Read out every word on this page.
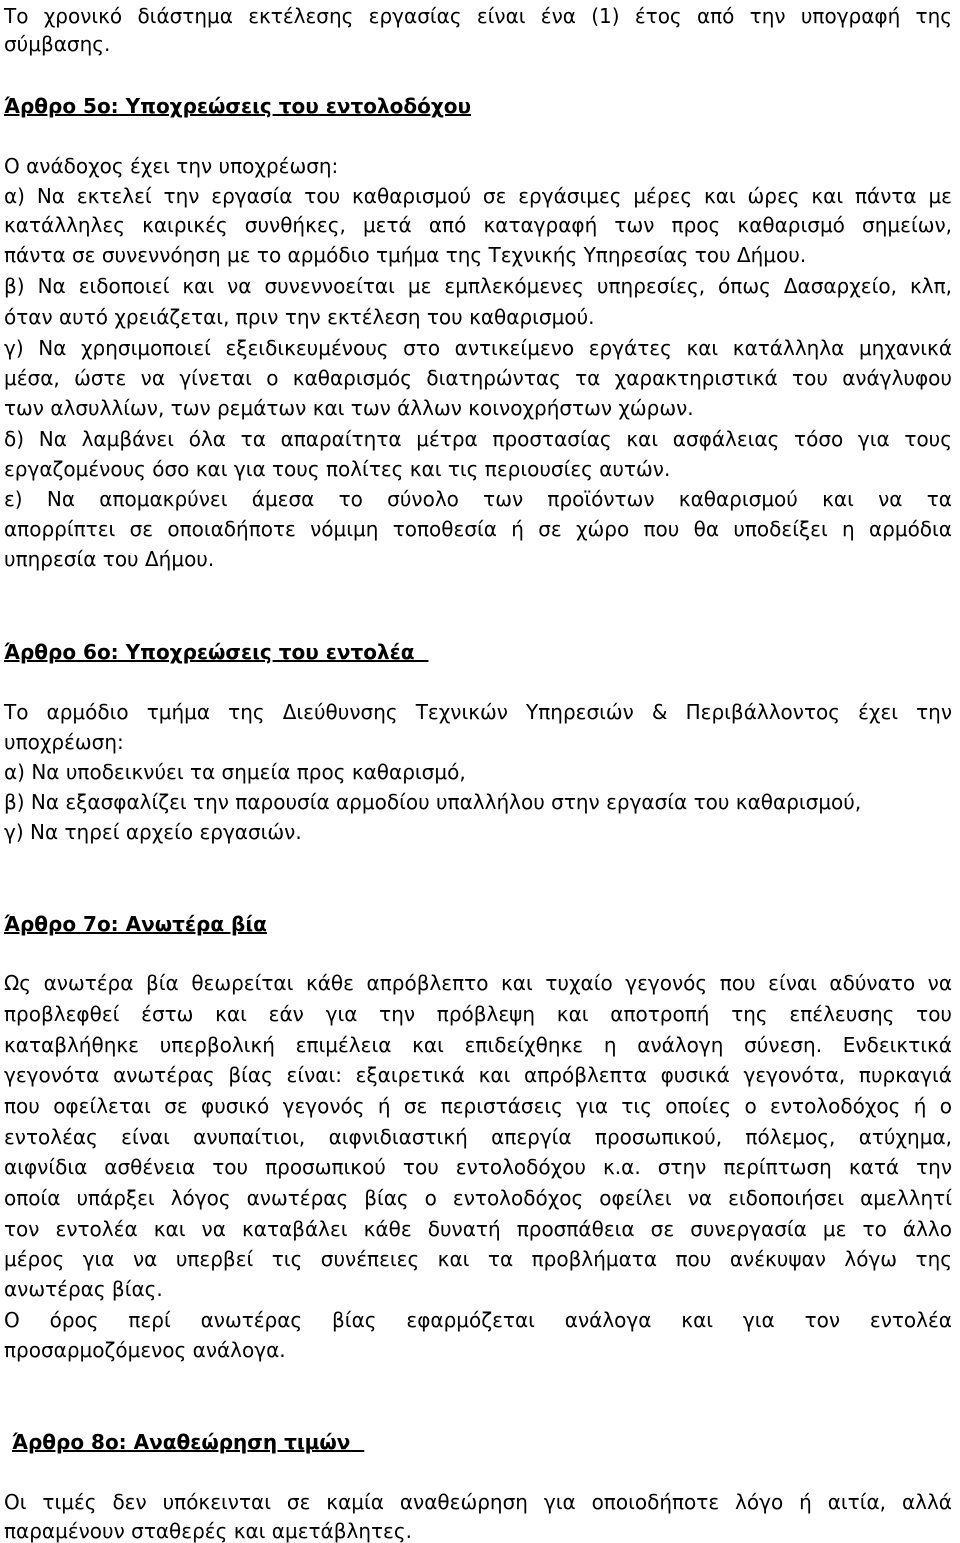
Το χρονικό διάστημα εκτέλεσης εργασίας είναι ένα (1) έτος από την υπογραφή της
σύμβασης.
Άρθρο 5ο: Υποχρεώσεις του εντολοδόχου
Ο ανάδοχος έχει την υποχρέωση:
α) Να εκτελεί την εργασία του καθαρισμού σε εργάσιμες μέρες και ώρες και πάντα με
κατάλληλες καιρικές συνθήκες, μετά από καταγραφή των προς καθαρισμό σημείων,
πάντα σε συνεννόηση με το αρμόδιο τμήμα της Τεχνικής Υπηρεσίας του Δήμου.
β) Να ειδοποιεί και να συνεννοείται με εμπλεκόμενες υπηρεσίες, όπως Δασαρχείο, κλπ,
όταν αυτό χρειάζεται, πριν την εκτέλεση του καθαρισμού.
γ) Να χρησιμοποιεί εξειδικευμένους στο αντικείμενο εργάτες και κατάλληλα μηχανικά
μέσα, ώστε να γίνεται ο καθαρισμός διατηρώντας τα χαρακτηριστικά του ανάγλυφου
των αλσυλλίων, των ρεμάτων και των άλλων κοινοχρήστων χώρων.
δ) Να λαμβάνει όλα τα απαραίτητα μέτρα προστασίας και ασφάλειας τόσο για τους
εργαζομένους όσο και για τους πολίτες και τις περιουσίες αυτών.
ε) Να απομακρύνει άμεσα το σύνολο των προϊόντων καθαρισμού και να τα
απορρίπτει σε οποιαδήποτε νόμιμη τοποθεσία ή σε χώρο που θα υποδείξει η αρμόδια
υπηρεσία του Δήμου.
Άρθρο 6ο: Υποχρεώσεις του εντολέα
Το αρμόδιο τμήμα της Διεύθυνσης Τεχνικών Υπηρεσιών & Περιβάλλοντος έχει την
υποχρέωση:
α) Να υποδεικνύει τα σημεία προς καθαρισμό,
β) Να εξασφαλίζει την παρουσία αρμοδίου υπαλλήλου στην εργασία του καθαρισμού,
γ) Να τηρεί αρχείο εργασιών.
Άρθρο 7ο: Ανωτέρα βία
Ως ανωτέρα βία θεωρείται κάθε απρόβλεπτο και τυχαίο γεγονός που είναι αδύνατο να
προβλεφθεί έστω και εάν για την πρόβλεψη και αποτροπή της επέλευσης του
καταβλήθηκε υπερβολική επιμέλεια και επιδείχθηκε η ανάλογη σύνεση. Ενδεικτικά
γεγονότα ανωτέρας βίας είναι: εξαιρετικά και απρόβλεπτα φυσικά γεγονότα, πυρκαγιά
που οφείλεται σε φυσικό γεγονός ή σε περιστάσεις για τις οποίες ο εντολοδόχος ή ο
εντολέας είναι ανυπαίτιοι, αιφνιδιαστική απεργία προσωπικού, πόλεμος, ατύχημα,
αιφνίδια ασθένεια του προσωπικού του εντολοδόχου κ.α. στην περίπτωση κατά την
οποία υπάρξει λόγος ανωτέρας βίας ο εντολοδόχος οφείλει να ειδοποιήσει αμελλητί
τον εντολέα και να καταβάλει κάθε δυνατή προσπάθεια σε συνεργασία με το άλλο
μέρος για να υπερβεί τις συνέπειες και τα προβλήματα που ανέκυψαν λόγω της
ανωτέρας βίας.
Ο όρος περί ανωτέρας βίας εφαρμόζεται ανάλογα και για τον εντολέα
προσαρμοζόμενος ανάλογα.
Άρθρο 8ο: Αναθεώρηση τιμών
Οι τιμές δεν υπόκεινται σε καμία αναθεώρηση για οποιοδήποτε λόγο ή αιτία, αλλά
παραμένουν σταθερές και αμετάβλητες.
